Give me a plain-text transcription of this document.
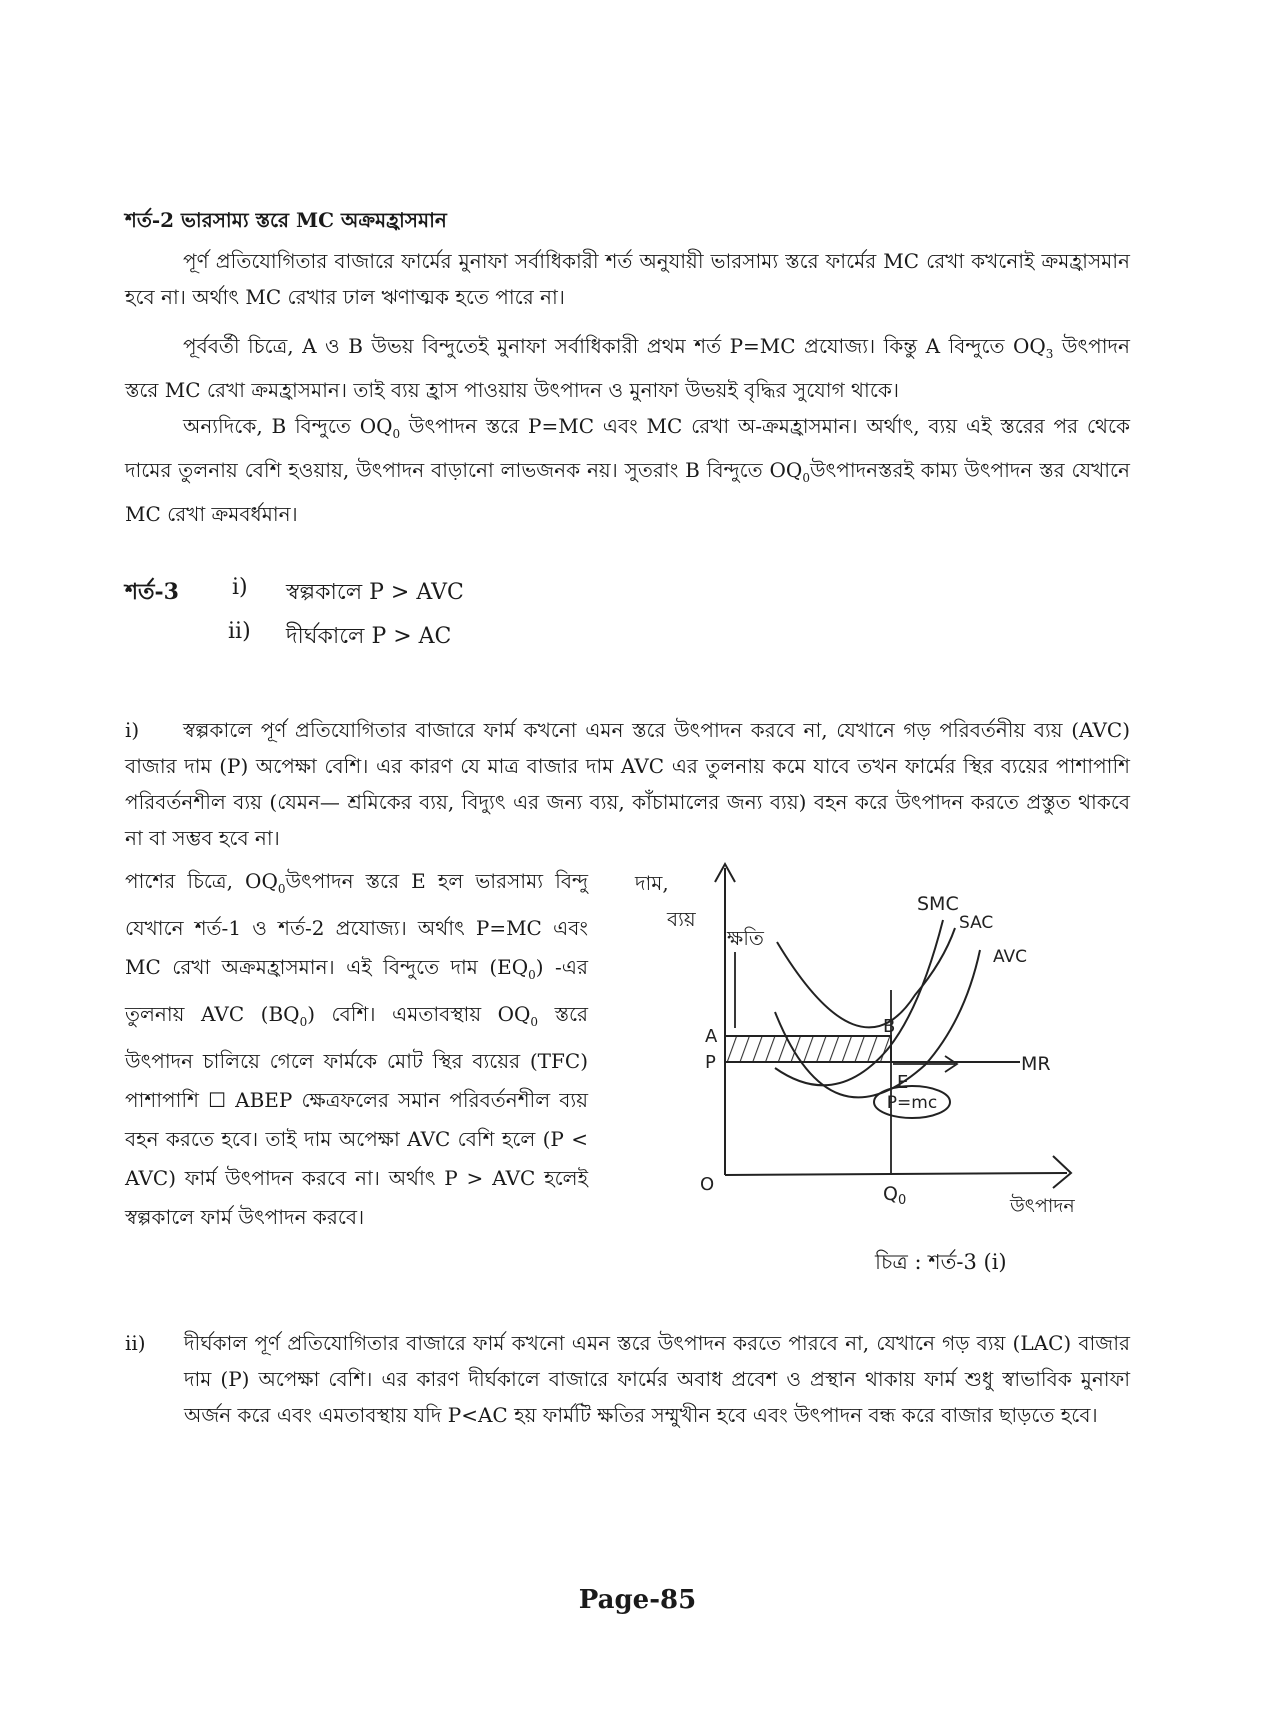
শর্ত-2 ভারসাম্য স্তরে MC অক্রমহ্রাসমান
পূর্ণ প্রতিযোগিতার বাজারে ফার্মের মুনাফা সর্বাধিকারী শর্ত অনুযায়ী ভারসাম্য স্তরে ফার্মের MC রেখা কখনোই ক্রমহ্রাসমান হবে না। অর্থাৎ MC রেখার ঢাল ঋণাত্মক হতে পারে না।
পূর্ববর্তী চিত্রে, A ও B উভয় বিন্দুতেই মুনাফা সর্বাধিকারী প্রথম শর্ত P=MC প্রযোজ্য। কিন্তু A বিন্দুতে $OQ_3$ উৎপাদন স্তরে MC রেখা ক্রমহ্রাসমান। তাই ব্যয় হ্রাস পাওয়ায় উৎপাদন ও মুনাফা উভয়ই বৃদ্ধির সুযোগ থাকে।
অন্যদিকে, B বিন্দুতে $OQ_0$ উৎপাদন স্তরে P=MC এবং MC রেখা অ-ক্রমহ্রাসমান। অর্থাৎ, ব্যয় এই স্তরের পর থেকে দামের তুলনায় বেশি হওয়ায়, উৎপাদন বাড়ানো লাভজনক নয়। সুতরাং B বিন্দুতে $OQ_0উৎপাদনস্তরই$ কাম্য উৎপাদন স্তর যেখানে MC রেখা ক্রমবর্ধমান।
শর্ত-3 i) স্বল্পকালে P > AVC
ii) দীর্ঘকালে P > AC
i)	স্বল্পকালে পূর্ণ প্রতিযোগিতার বাজারে ফার্ম কখনো এমন স্তরে উৎপাদন করবে না, যেখানে গড় পরিবর্তনীয় ব্যয় (AVC) বাজার দাম (P) অপেক্ষা বেশি। এর কারণ যে মাত্র বাজার দাম AVC এর তুলনায় কমে যাবে তখন ফার্মের স্থির ব্যয়ের পাশাপাশি পরিবর্তনশীল ব্যয় (যেমন— শ্রমিকের ব্যয়, বিদ্যুৎ এর জন্য ব্যয়, কাঁচামালের জন্য ব্যয়) বহন করে উৎপাদন করতে প্রস্তুত থাকবে না বা সম্ভব হবে না।
পাশের চিত্রে, $OQ_0উৎপাদন$ স্তরে E হল ভারসাম্য বিন্দু যেখানে শর্ত-1 ও শর্ত-2 প্রযোজ্য। অর্থাৎ P=MC এবং MC রেখা অক্রমহ্রাসমান। এই বিন্দুতে দাম $(EQ_0)$ -এর তুলনায় AVC $(BQ_0)$ বেশি। এমতাবস্থায় $OQ_0$ স্তরে উৎপাদন চালিয়ে গেলে ফার্মকে মোট স্থির ব্যয়ের (TFC) পাশাপাশি ☐ ABEP ক্ষেত্রফলের সমান পরিবর্তনশীল ব্যয় বহন করতে হবে। তাই দাম অপেক্ষা AVC বেশি হলে (P < AVC) ফার্ম উৎপাদন করবে না। অর্থাৎ P > AVC হলেই স্বল্পকালে ফার্ম উৎপাদন করবে।
দাম,
ব্যয়
ক্ষতি
P=mc
SMC
SAC
AVC
MR
A
P
B
E
O	$Q_0$	উৎপাদন
চিত্র : শর্ত-3 (i)
ii)	দীর্ঘকাল পূর্ণ প্রতিযোগিতার বাজারে ফার্ম কখনো এমন স্তরে উৎপাদন করতে পারবে না, যেখানে গড় ব্যয় (LAC) বাজার দাম (P) অপেক্ষা বেশি। এর কারণ দীর্ঘকালে বাজারে ফার্মের অবাধ প্রবেশ ও প্রস্থান থাকায় ফার্ম শুধু স্বাভাবিক মুনাফা অর্জন করে এবং এমতাবস্থায় যদি P<AC হয় ফার্মটি ক্ষতির সম্মুখীন হবে এবং উৎপাদন বন্ধ করে বাজার ছাড়তে হবে।
Page-85
